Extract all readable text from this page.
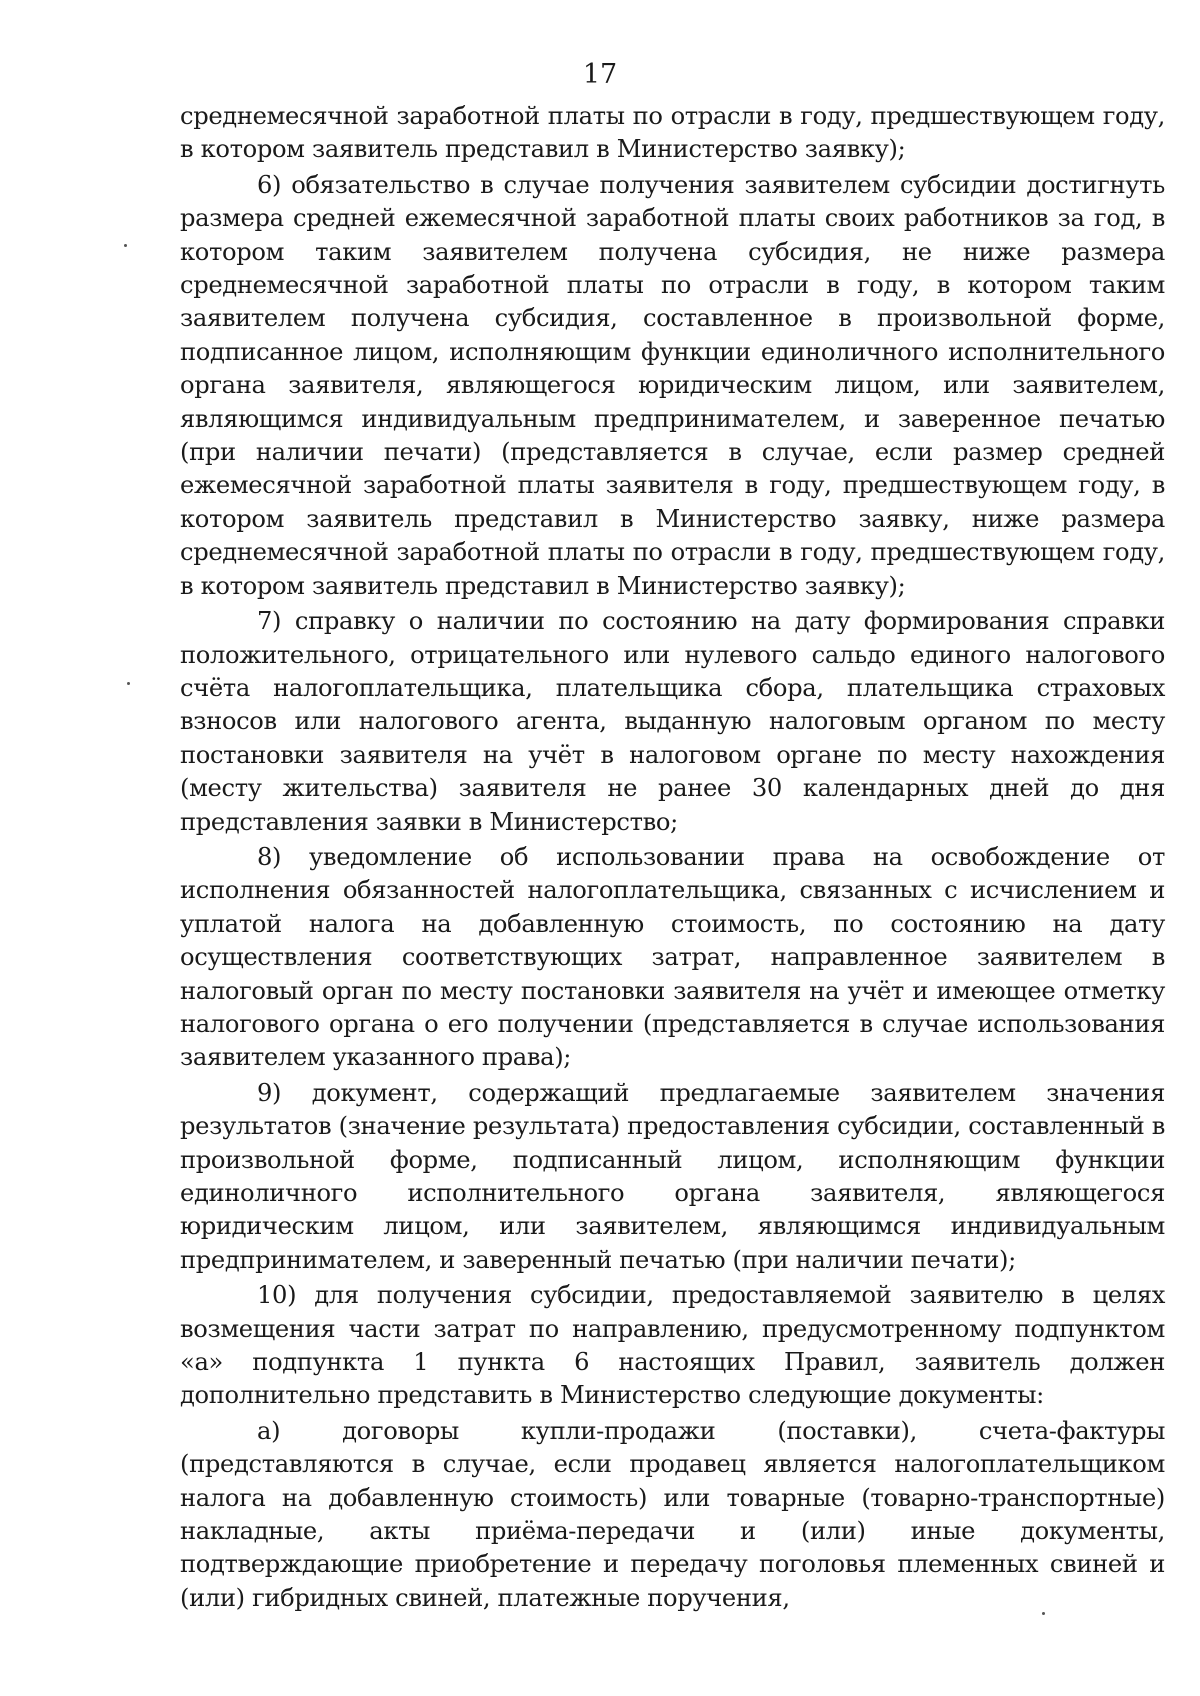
17

среднемесячной заработной платы по отрасли в году, предшествующем году, в котором заявитель представил в Министерство заявку);

6) обязательство в случае получения заявителем субсидии достигнуть размера средней ежемесячной заработной платы своих работников за год, в котором таким заявителем получена субсидия, не ниже размера среднемесячной заработной платы по отрасли в году, в котором таким заявителем получена субсидия, составленное в произвольной форме, подписанное лицом, исполняющим функции единоличного исполнительного органа заявителя, являющегося юридическим лицом, или заявителем, являющимся индивидуальным предпринимателем, и заверенное печатью (при наличии печати) (представляется в случае, если размер средней ежемесячной заработной платы заявителя в году, предшествующем году, в котором заявитель представил в Министерство заявку, ниже размера среднемесячной заработной платы по отрасли в году, предшествующем году, в котором заявитель представил в Министерство заявку);

7) справку о наличии по состоянию на дату формирования справки положительного, отрицательного или нулевого сальдо единого налогового счёта налогоплательщика, плательщика сбора, плательщика страховых взносов или налогового агента, выданную налоговым органом по месту постановки заявителя на учёт в налоговом органе по месту нахождения (месту жительства) заявителя не ранее 30 календарных дней до дня представления заявки в Министерство;

8) уведомление об использовании права на освобождение от исполнения обязанностей налогоплательщика, связанных с исчислением и уплатой налога на добавленную стоимость, по состоянию на дату осуществления соответствующих затрат, направленное заявителем в налоговый орган по месту постановки заявителя на учёт и имеющее отметку налогового органа о его получении (представляется в случае использования заявителем указанного права);

9) документ, содержащий предлагаемые заявителем значения результатов (значение результата) предоставления субсидии, составленный в произвольной форме, подписанный лицом, исполняющим функции единоличного исполнительного органа заявителя, являющегося юридическим лицом, или заявителем, являющимся индивидуальным предпринимателем, и заверенный печатью (при наличии печати);

10) для получения субсидии, предоставляемой заявителю в целях возмещения части затрат по направлению, предусмотренному подпунктом «а» подпункта 1 пункта 6 настоящих Правил, заявитель должен дополнительно представить в Министерство следующие документы:

а) договоры купли-продажи (поставки), счета-фактуры (представляются в случае, если продавец является налогоплательщиком налога на добавленную стоимость) или товарные (товарно-транспортные) накладные, акты приёма-передачи и (или) иные документы, подтверждающие приобретение и передачу поголовья племенных свиней и (или) гибридных свиней, платежные поручения,
